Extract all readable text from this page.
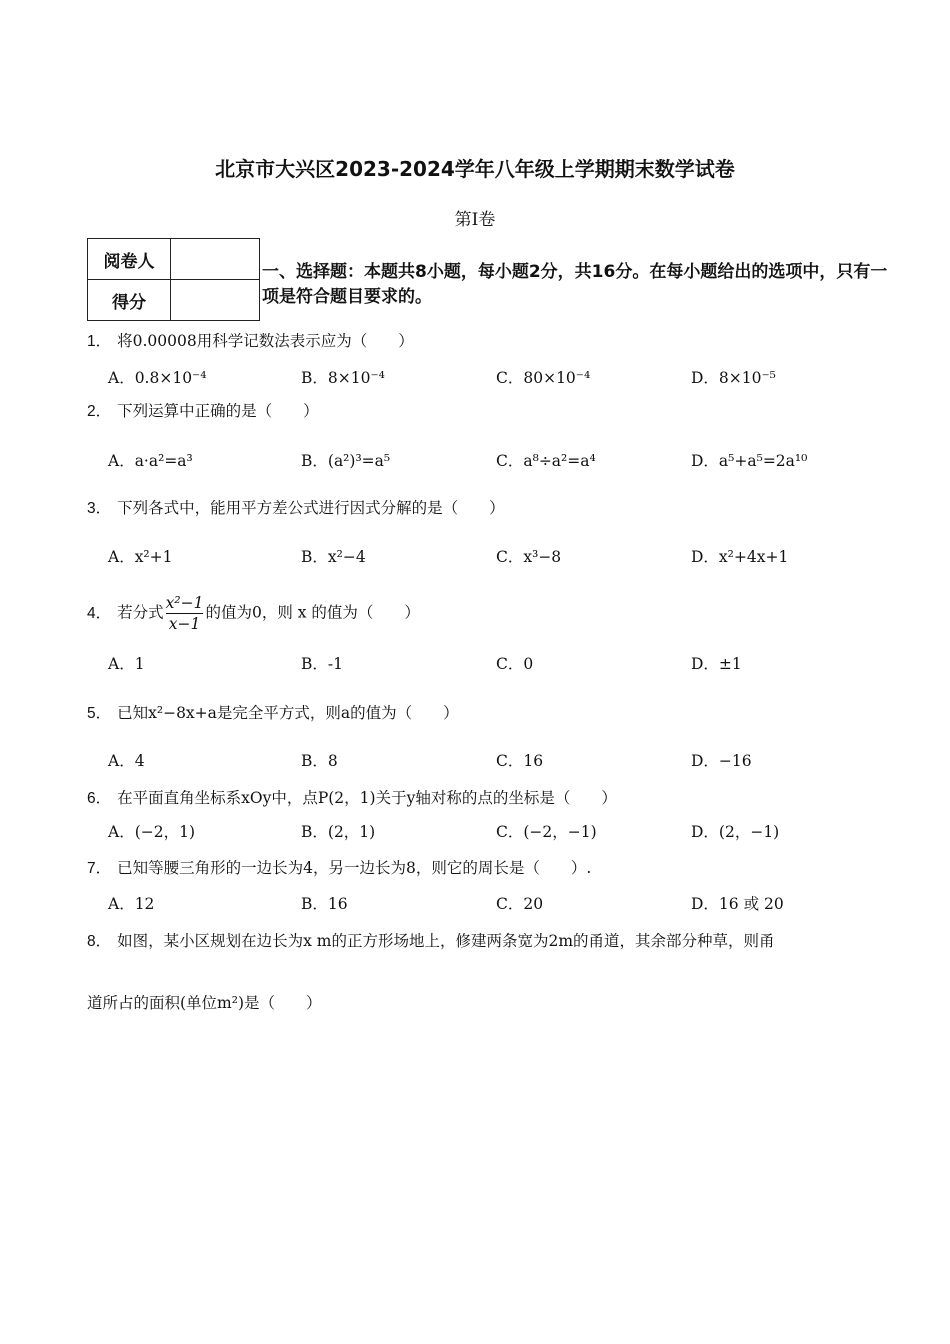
北京市大兴区2023-2024学年八年级上学期期末数学试卷
第Ⅰ卷
阅卷人	
得分	
一、选择题：本题共8小题，每小题2分，共16分。在每小题给出的选项中，只有一项是符合题目要求的。
1． 将0.00008用科学记数法表示应为（　　）
A．0.8×10⁻⁴	B．8×10⁻⁴	C．80×10⁻⁴	D．8×10⁻⁵
2． 下列运算中正确的是（　　）
A．a·a²=a³	B．(a²)³=a⁵	C．a⁸÷a²=a⁴	D．a⁵+a⁵=2a¹⁰
3． 下列各式中，能用平方差公式进行因式分解的是（　　）
A．x²+1	B．x²−4	C．x³−8	D．x²+4x+1
4． 若分式 $\frac{\text{x²−1}}{x-1}$ 的值为0，则 x 的值为（　　）
A．1	B．-1	C．0	D．±1
5． 已知x²−8x+a是完全平方式，则a的值为（　　）
A．4	B．8	C．16	D．−16
6． 在平面直角坐标系xOy中，点P(2，1)关于y轴对称的点的坐标是（　　）
A．(−2，1)	B．(2，1)	C．(−2，−1)	D．(2，−1)
7． 已知等腰三角形的一边长为4，另一边长为8，则它的周长是（　　）.
A．12	B．16	C．20	D．16 或 20
8． 如图，某小区规划在边长为x m的正方形场地上，修建两条宽为2m的甬道，其余部分种草，则甬
道所占的面积(单位m²)是（　　）
